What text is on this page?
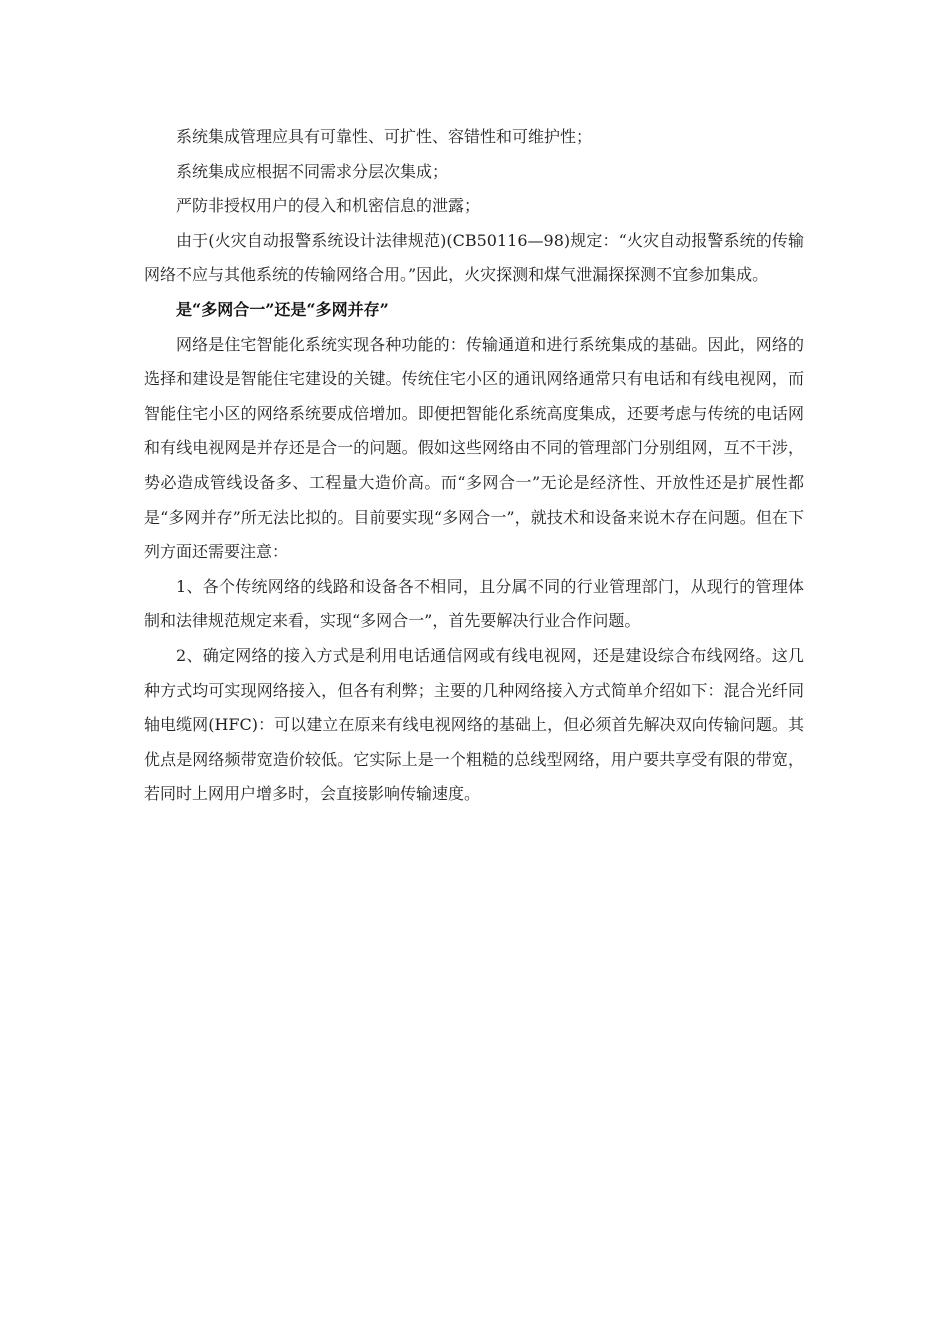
系统集成管理应具有可靠性、可扩性、容错性和可维护性；

系统集成应根据不同需求分层次集成；

严防非授权用户的侵入和机密信息的泄露；

由于(火灾自动报警系统设计法律规范)(CB50116—98)规定：“火灾自动报警系统的传输网络不应与其他系统的传输网络合用。”因此，火灾探测和煤气泄漏探探测不宜参加集成。

是“多网合一”还是“多网并存”

网络是住宅智能化系统实现各种功能的：传输通道和进行系统集成的基础。因此，网络的选择和建设是智能住宅建设的关键。传统住宅小区的通讯网络通常只有电话和有线电视网，而智能住宅小区的网络系统要成倍增加。即便把智能化系统高度集成，还要考虑与传统的电话网和有线电视网是并存还是合一的问题。假如这些网络由不同的管理部门分别组网，互不干涉，势必造成管线设备多、工程量大造价高。而“多网合一”无论是经济性、开放性还是扩展性都是“多网并存”所无法比拟的。目前要实现“多网合一”，就技术和设备来说木存在问题。但在下列方面还需要注意：

1、各个传统网络的线路和设备各不相同，且分属不同的行业管理部门，从现行的管理体制和法律规范规定来看，实现“多网合一”，首先要解决行业合作问题。

2、确定网络的接入方式是利用电话通信网或有线电视网，还是建设综合布线网络。这几种方式均可实现网络接入，但各有利弊；主要的几种网络接入方式简单介绍如下：混合光纤同轴电缆网(HFC)：可以建立在原来有线电视网络的基础上，但必须首先解决双向传输问题。其优点是网络频带宽造价较低。它实际上是一个粗糙的总线型网络，用户要共享受有限的带宽，若同时上网用户增多时，会直接影响传输速度。
